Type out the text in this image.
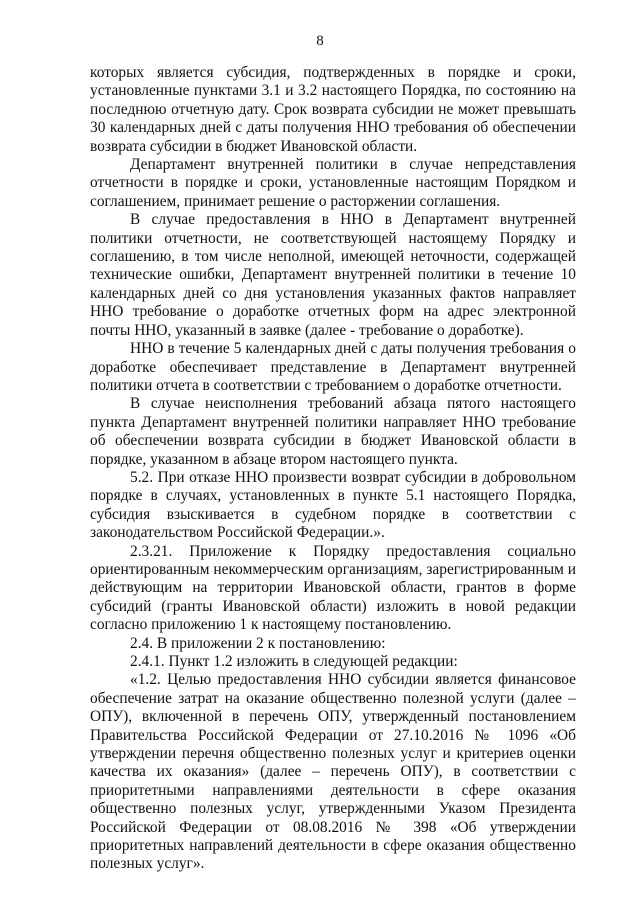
8

которых является субсидия, подтвержденных в порядке и сроки, установленные пунктами 3.1 и 3.2 настоящего Порядка, по состоянию на последнюю отчетную дату. Срок возврата субсидии не может превышать 30 календарных дней с даты получения ННО требования об обеспечении возврата субсидии в бюджет Ивановской области.

Департамент внутренней политики в случае непредставления отчетности в порядке и сроки, установленные настоящим Порядком и соглашением, принимает решение о расторжении соглашения.

В случае предоставления в ННО в Департамент внутренней политики отчетности, не соответствующей настоящему Порядку и соглашению, в том числе неполной, имеющей неточности, содержащей технические ошибки, Департамент внутренней политики в течение 10 календарных дней со дня установления указанных фактов направляет ННО требование о доработке отчетных форм на адрес электронной почты ННО, указанный в заявке (далее - требование о доработке).

ННО в течение 5 календарных дней с даты получения требования о доработке обеспечивает представление в Департамент внутренней политики отчета в соответствии с требованием о доработке отчетности.

В случае неисполнения требований абзаца пятого настоящего пункта Департамент внутренней политики направляет ННО требование об обеспечении возврата субсидии в бюджет Ивановской области в порядке, указанном в абзаце втором настоящего пункта.

5.2. При отказе ННО произвести возврат субсидии в добровольном порядке в случаях, установленных в пункте 5.1 настоящего Порядка, субсидия взыскивается в судебном порядке в соответствии с законодательством Российской Федерации.».

2.3.21. Приложение к Порядку предоставления социально ориентированным некоммерческим организациям, зарегистрированным и действующим на территории Ивановской области, грантов в форме субсидий (гранты Ивановской области) изложить в новой редакции согласно приложению 1 к настоящему постановлению.

2.4. В приложении 2 к постановлению:

2.4.1. Пункт 1.2 изложить в следующей редакции:

«1.2. Целью предоставления ННО субсидии является финансовое обеспечение затрат на оказание общественно полезной услуги (далее – ОПУ), включенной в перечень ОПУ, утвержденный постановлением Правительства Российской Федерации от 27.10.2016 № 1096 «Об утверждении перечня общественно полезных услуг и критериев оценки качества их оказания» (далее – перечень ОПУ), в соответствии с приоритетными направлениями деятельности в сфере оказания общественно полезных услуг, утвержденными Указом Президента Российской Федерации от 08.08.2016 № 398 «Об утверждении приоритетных направлений деятельности в сфере оказания общественно полезных услуг».
